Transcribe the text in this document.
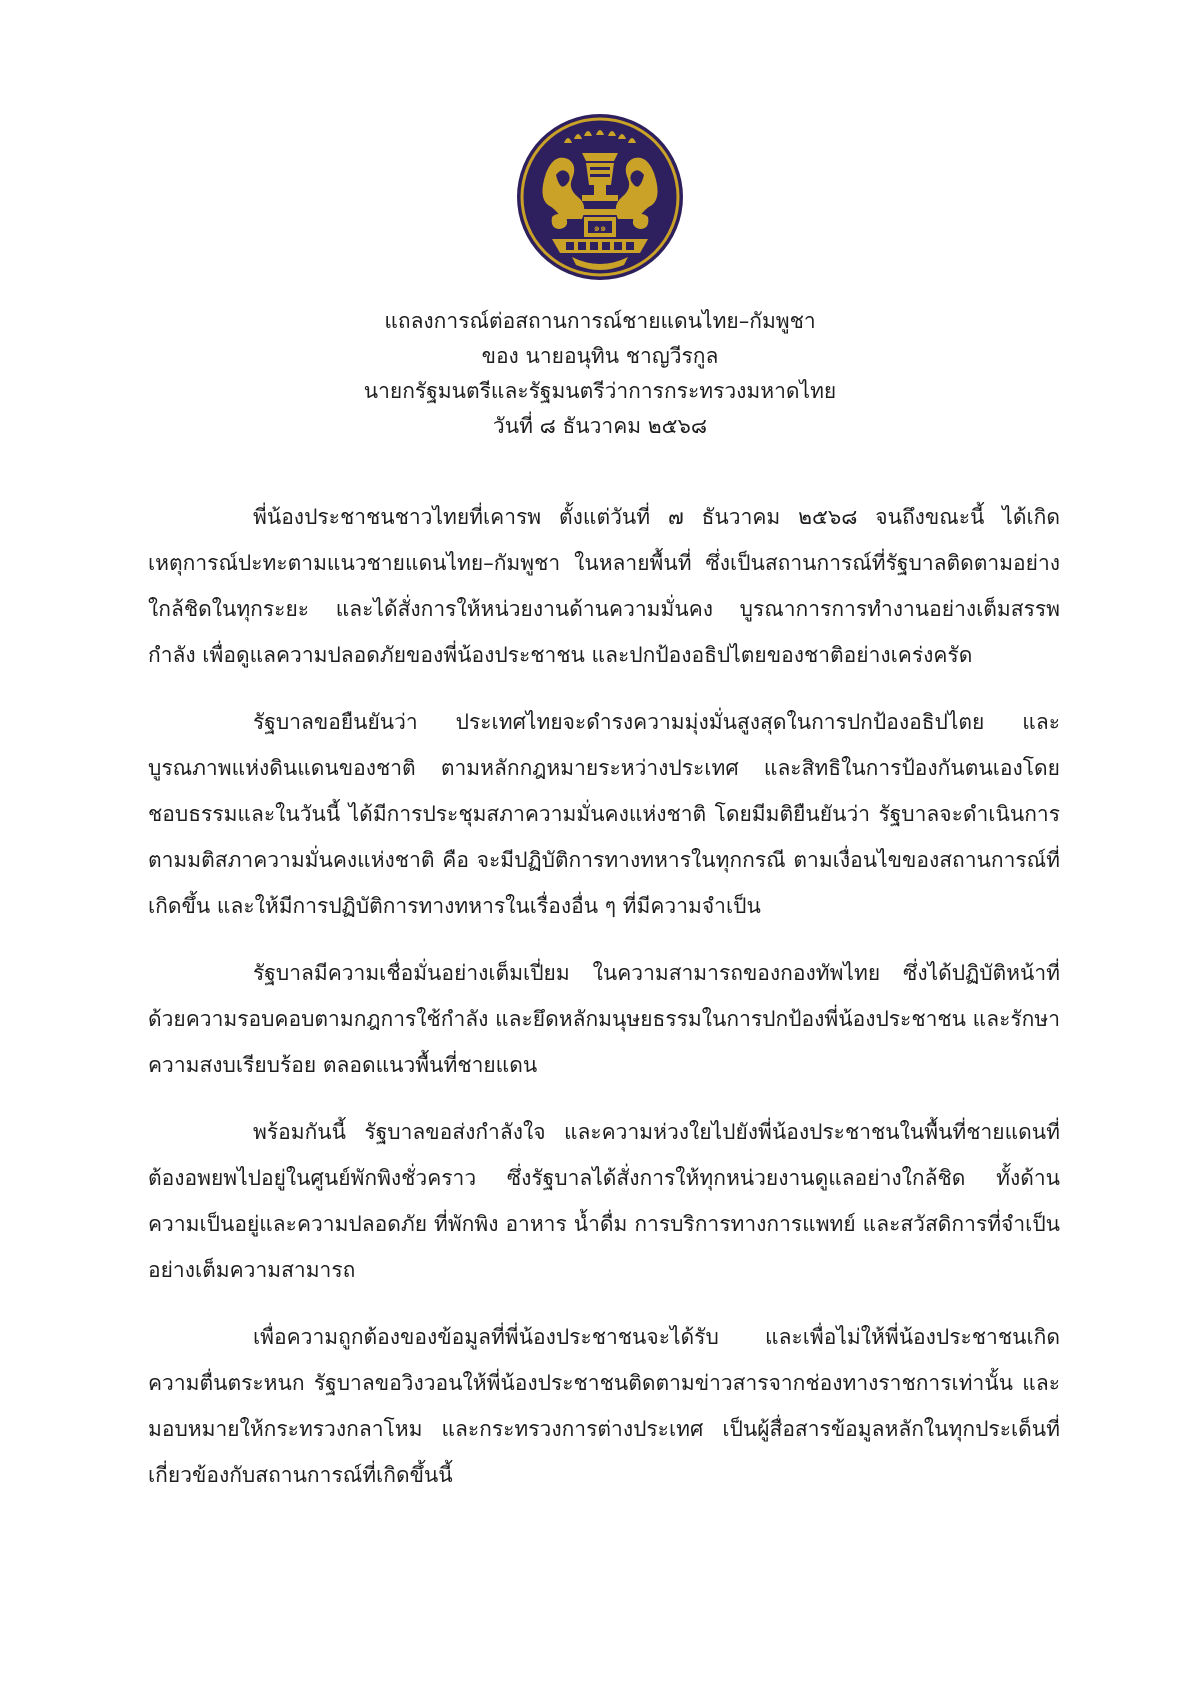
๑๑
แถลงการณ์ต่อสถานการณ์ชายแดนไทย–กัมพูชา
ของ นายอนุทิน ชาญวีรกูล
นายกรัฐมนตรีและรัฐมนตรีว่าการกระทรวงมหาดไทย
วันที่ ๘ ธันวาคม ๒๕๖๘

พี่น้องประชาชนชาวไทยที่เคารพ ตั้งแต่วันที่ ๗ ธันวาคม ๒๕๖๘ จนถึงขณะนี้ ได้เกิดเหตุการณ์ปะทะตามแนวชายแดนไทย–กัมพูชา ในหลายพื้นที่ ซึ่งเป็นสถานการณ์ที่รัฐบาลติดตามอย่างใกล้ชิดในทุกระยะ และได้สั่งการให้หน่วยงานด้านความมั่นคง บูรณาการการทำงานอย่างเต็มสรรพกำลัง เพื่อดูแลความปลอดภัยของพี่น้องประชาชน และปกป้องอธิปไตยของชาติอย่างเคร่งครัด

รัฐบาลขอยืนยันว่า ประเทศไทยจะดำรงความมุ่งมั่นสูงสุดในการปกป้องอธิปไตย และบูรณภาพแห่งดินแดนของชาติ ตามหลักกฎหมายระหว่างประเทศ และสิทธิในการป้องกันตนเองโดยชอบธรรมและในวันนี้ ได้มีการประชุมสภาความมั่นคงแห่งชาติ โดยมีมติยืนยันว่า รัฐบาลจะดำเนินการตามมติสภาความมั่นคงแห่งชาติ คือ จะมีปฏิบัติการทางทหารในทุกกรณี ตามเงื่อนไขของสถานการณ์ที่เกิดขึ้น และให้มีการปฏิบัติการทางทหารในเรื่องอื่น ๆ ที่มีความจำเป็น

รัฐบาลมีความเชื่อมั่นอย่างเต็มเปี่ยม ในความสามารถของกองทัพไทย ซึ่งได้ปฏิบัติหน้าที่ด้วยความรอบคอบตามกฎการใช้กำลัง และยึดหลักมนุษยธรรมในการปกป้องพี่น้องประชาชน และรักษาความสงบเรียบร้อย ตลอดแนวพื้นที่ชายแดน

พร้อมกันนี้ รัฐบาลขอส่งกำลังใจ และความห่วงใยไปยังพี่น้องประชาชนในพื้นที่ชายแดนที่ต้องอพยพไปอยู่ในศูนย์พักพิงชั่วคราว ซึ่งรัฐบาลได้สั่งการให้ทุกหน่วยงานดูแลอย่างใกล้ชิด ทั้งด้านความเป็นอยู่และความปลอดภัย ที่พักพิง อาหาร น้ำดื่ม การบริการทางการแพทย์ และสวัสดิการที่จำเป็น อย่างเต็มความสามารถ

เพื่อความถูกต้องของข้อมูลที่พี่น้องประชาชนจะได้รับ และเพื่อไม่ให้พี่น้องประชาชนเกิดความตื่นตระหนก รัฐบาลขอวิงวอนให้พี่น้องประชาชนติดตามข่าวสารจากช่องทางราชการเท่านั้น และมอบหมายให้กระทรวงกลาโหม และกระทรวงการต่างประเทศ เป็นผู้สื่อสารข้อมูลหลักในทุกประเด็นที่เกี่ยวข้องกับสถานการณ์ที่เกิดขึ้นนี้
